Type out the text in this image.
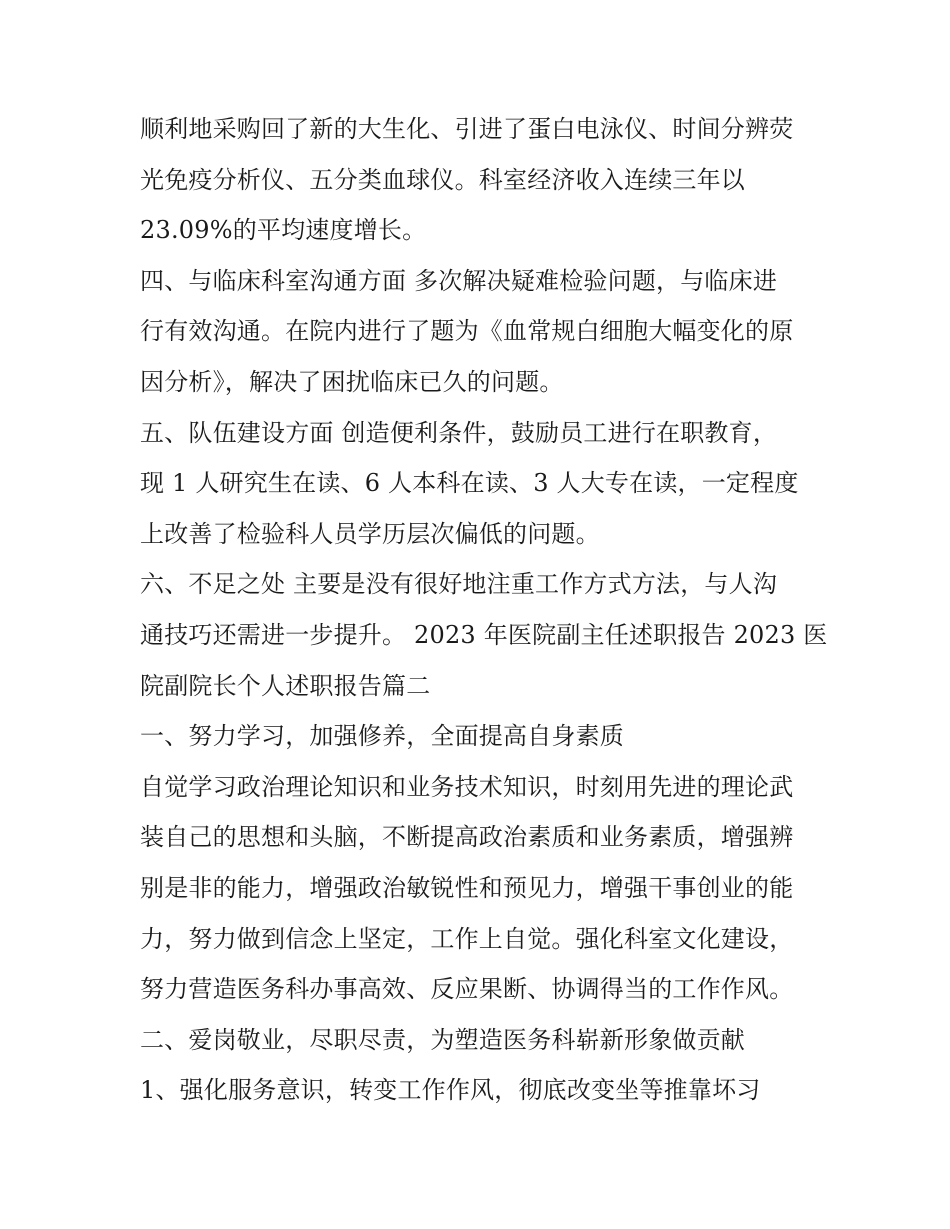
顺利地采购回了新的大生化、引进了蛋白电泳仪、时间分辨荧
光免疫分析仪、五分类血球仪。科室经济收入连续三年以
23.09%的平均速度增长。
四、与临床科室沟通方面 多次解决疑难检验问题，与临床进
行有效沟通。在院内进行了题为《血常规白细胞大幅变化的原
因分析》，解决了困扰临床已久的问题。
五、队伍建设方面 创造便利条件，鼓励员工进行在职教育，
现 1 人研究生在读、6 人本科在读、3 人大专在读，一定程度
上改善了检验科人员学历层次偏低的问题。
六、不足之处 主要是没有很好地注重工作方式方法，与人沟
通技巧还需进一步提升。 2023 年医院副主任述职报告 2023 医
院副院长个人述职报告篇二
一、努力学习，加强修养，全面提高自身素质
自觉学习政治理论知识和业务技术知识，时刻用先进的理论武
装自己的思想和头脑，不断提高政治素质和业务素质，增强辨
别是非的能力，增强政治敏锐性和预见力，增强干事创业的能
力，努力做到信念上坚定，工作上自觉。强化科室文化建设，
努力营造医务科办事高效、反应果断、协调得当的工作作风。
二、爱岗敬业，尽职尽责，为塑造医务科崭新形象做贡献
1、强化服务意识，转变工作作风，彻底改变坐等推靠坏习
